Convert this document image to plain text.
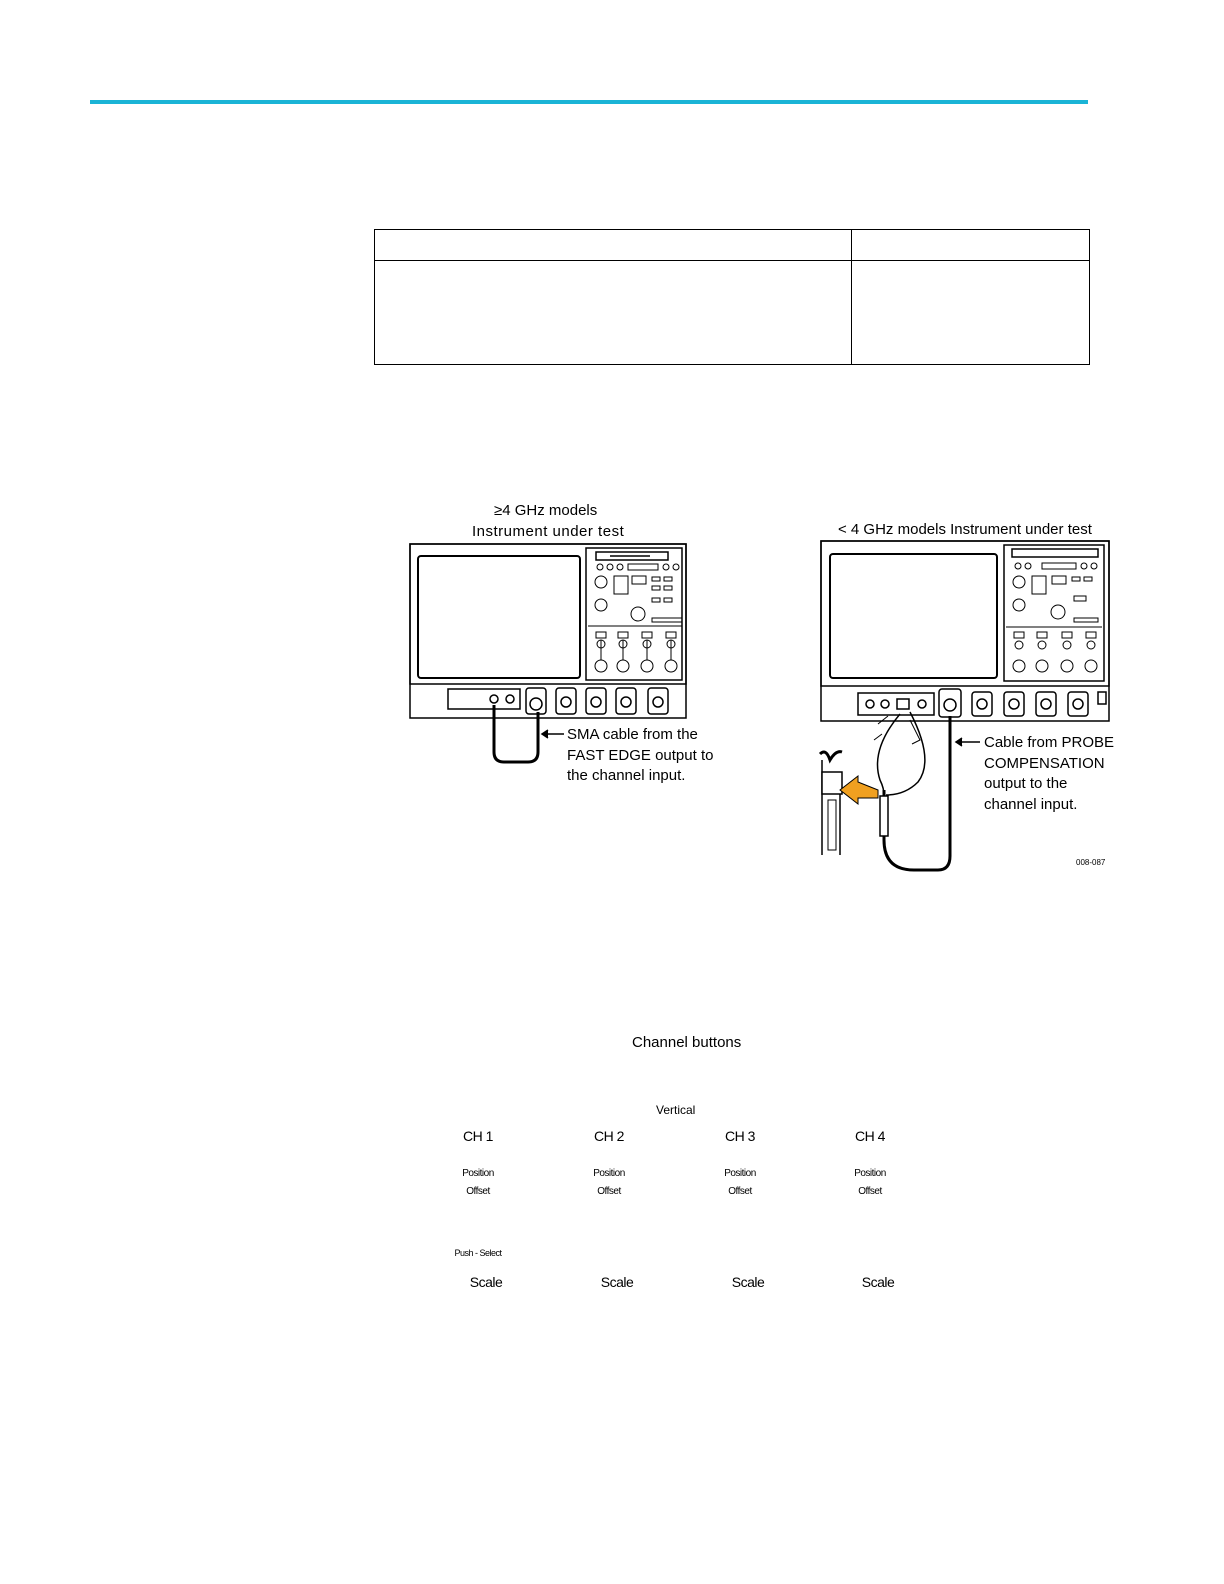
≥4 GHz models
Instrument under test	< 4 GHz models Instrument under test
SMA cable from the
FAST EDGE output to
the channel input.
Cable from PROBE
COMPENSATION
output to the
channel input.
008-087
Channel buttons
Vertical
CH 1
Position
Offset
Push - Select
Scale
CH 2
Position
Offset
Scale
CH 3
Position
Offset
Scale
CH 4
Position
Offset
Scale
